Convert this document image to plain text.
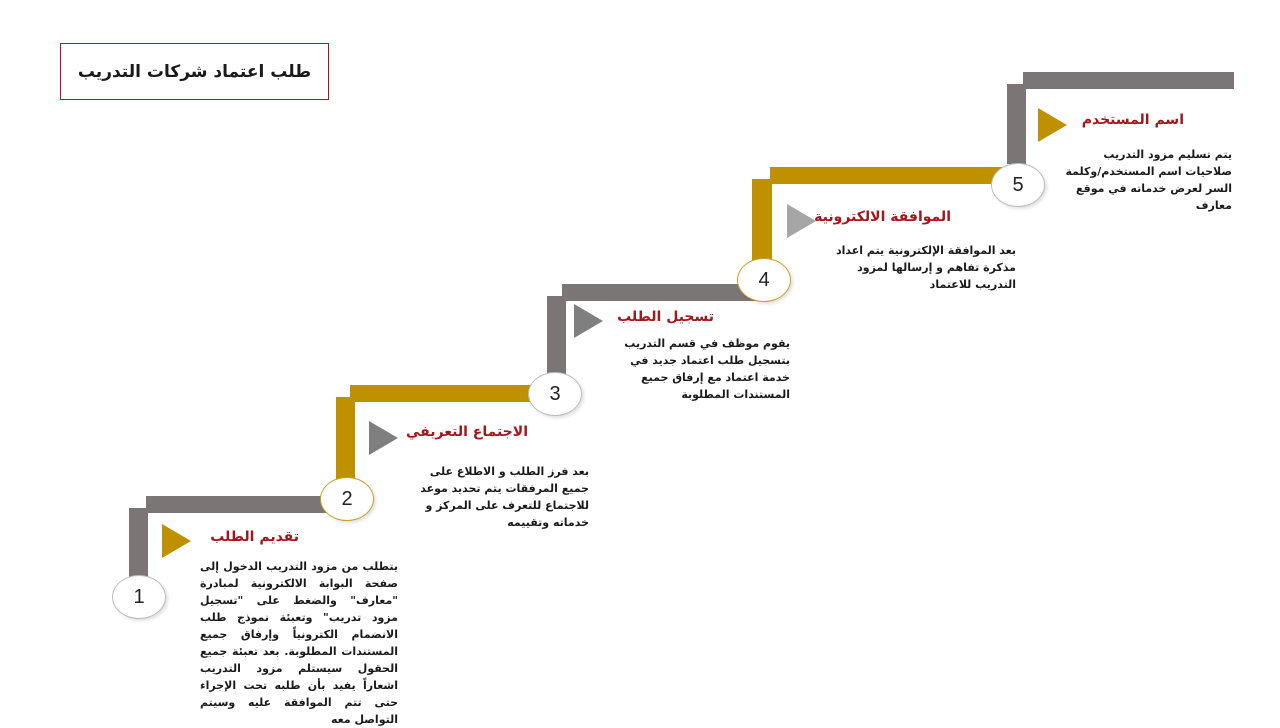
طلب اعتماد شركات التدريب
1
2
3
4
5
تقديم الطلب
يتطلب من مزود التدريب الدخول إلى صفحة البوابة الالكترونية لمبادرة "معارف" والضغط على "تسجيل مزود تدريب" وتعبئة نموذج طلب الانضمام الكترونياً وإرفاق جميع المستندات المطلوبة. بعد تعبئة جميع الحقول سيستلم مزود التدريب اشعاراً يفيد بأن طلبه تحت الإجراء حتى تتم الموافقة عليه وسيتم التواصل معه
الاجتماع التعريفي
بعد فرز الطلب و الاطلاع على جميع المرفقات يتم تحديد موعد للاجتماع للتعرف على المركز و خدماته وتقييمه
تسجيل الطلب
يقوم موظف في قسم التدريب بتسجيل طلب اعتماد جديد في خدمة اعتماد مع إرفاق جميع المستندات المطلوبة
الموافقة الالكترونية
بعد الموافقة الإلكترونية يتم اعداد مذكرة تفاهم و إرسالها لمزود التدريب للاعتماد
اسم المستخدم
يتم تسليم مزود التدريب صلاحيات اسم المستخدم/وكلمة السر لعرض خدماته في موقع معارف
